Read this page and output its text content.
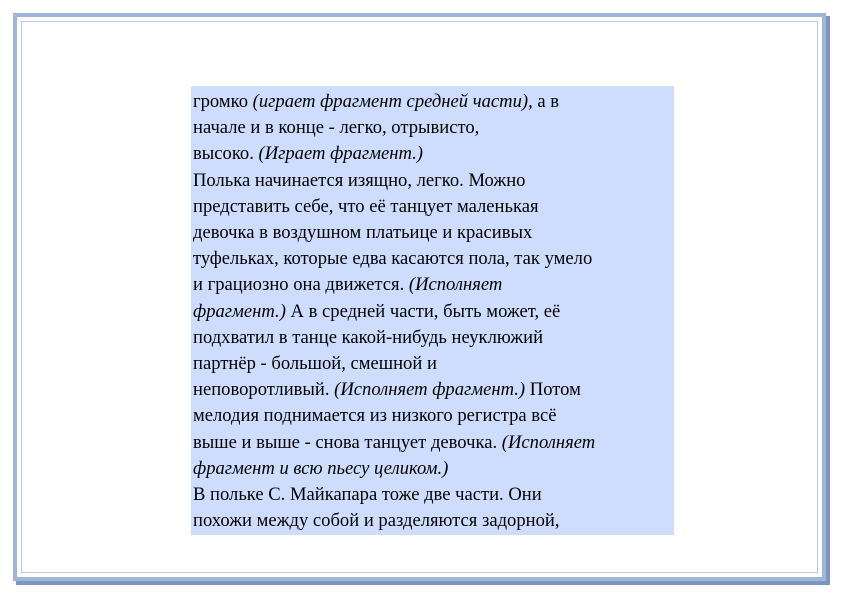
громко (играет фрагмент средней части), а в
начале и в конце - легко, отрывисто,
высоко. (Играет фрагмент.)
Полька начинается изящно, легко. Можно
представить себе, что её танцует маленькая
девочка в воздушном платьице и красивых
туфельках, которые едва касаются пола, так умело
и грациозно она движется. (Исполняет
фрагмент.) А в средней части, быть может, её
подхватил в танце какой-нибудь неуклюжий
партнёр - большой, смешной и
неповоротливый. (Исполняет фрагмент.) Потом
мелодия поднимается из низкого регистра всё
выше и выше - снова танцует девочка. (Исполняет
фрагмент и всю пьесу целиком.)
В польке С. Майкапара тоже две части. Они
похожи между собой и разделяются задорной,
